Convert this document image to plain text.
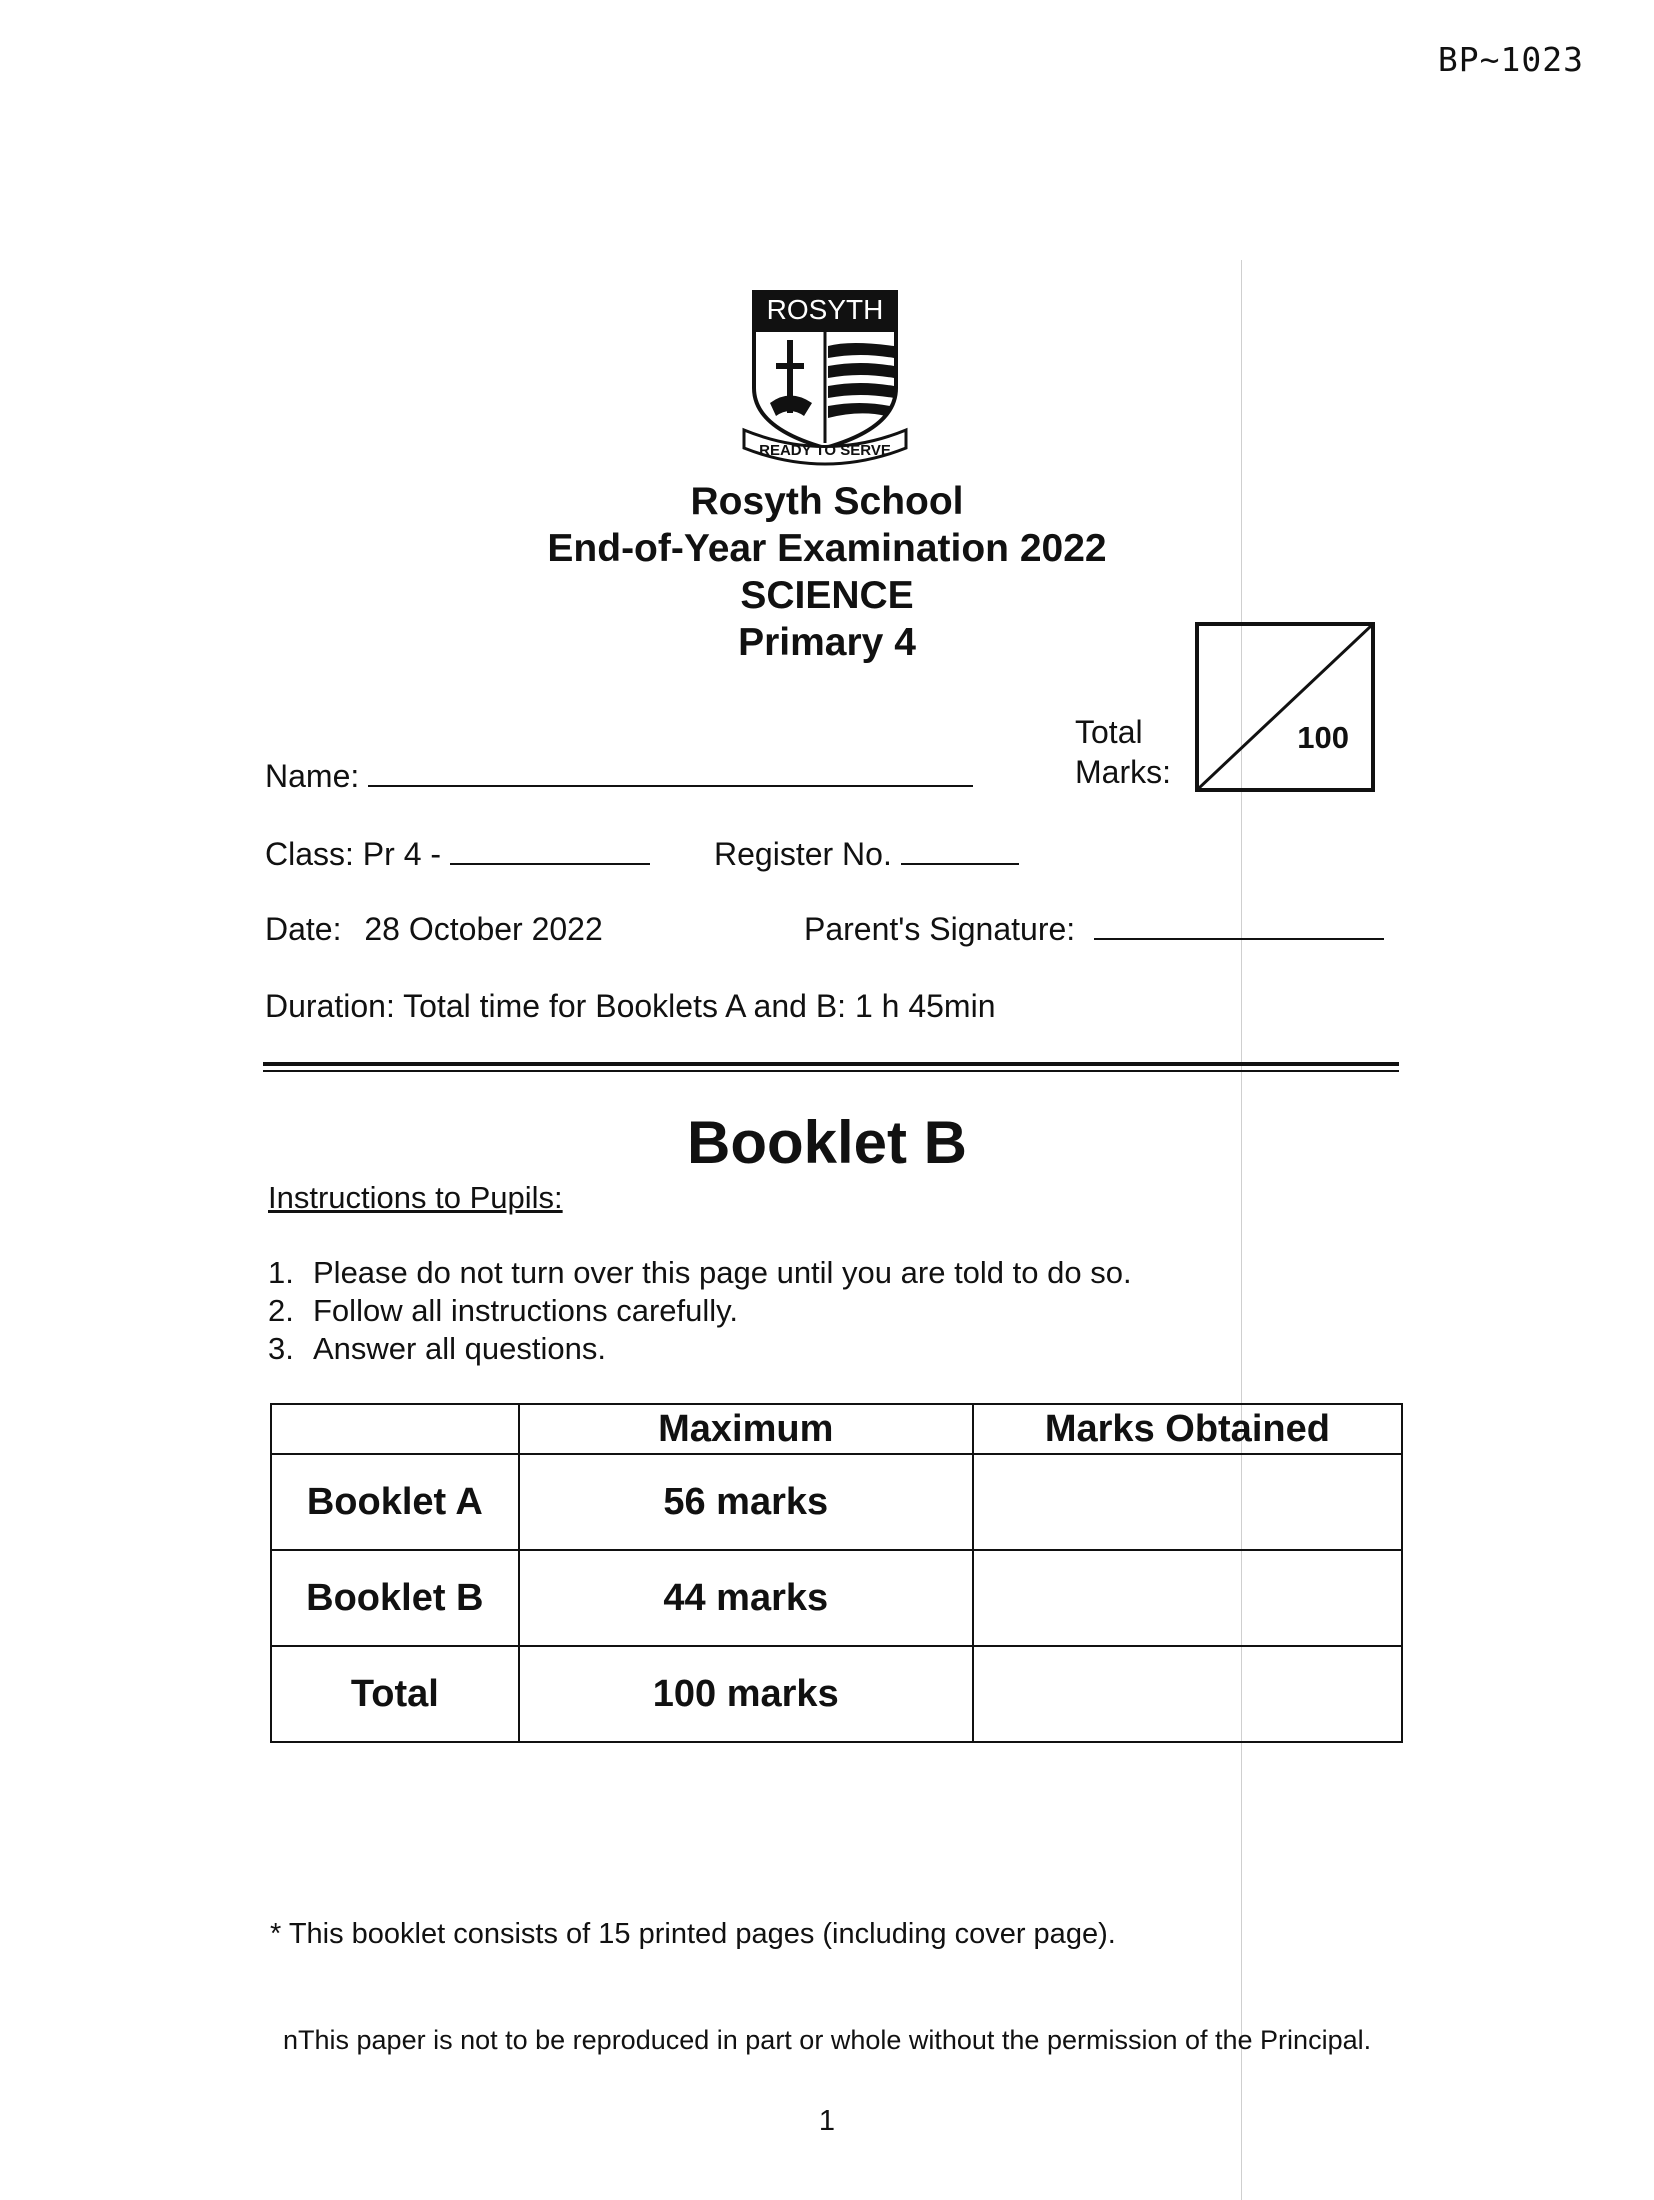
BP~1023
ROSYTH
READY TO SERVE
Rosyth School
End-of-Year Examination 2022
SCIENCE
Primary 4
Total
Marks:
100
Name:
Class: Pr 4 -	Register No.
Date: 28 October 2022	Parent's Signature:
Duration: Total time for Booklets A and B: 1 h 45min
Booklet B
Instructions to Pupils:
1. Please do not turn over this page until you are told to do so.
2. Follow all instructions carefully.
3. Answer all questions.
	Maximum	Marks Obtained
Booklet A	56 marks	
Booklet B	44 marks	
Total	100 marks	
* This booklet consists of 15 printed pages (including cover page).
nThis paper is not to be reproduced in part or whole without the permission of the Principal.
1
